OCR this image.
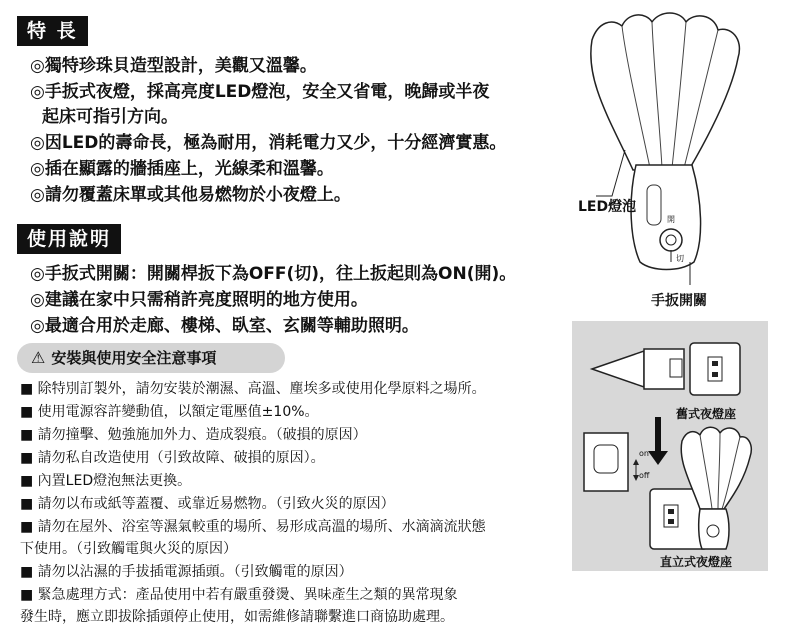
特 長
◎獨特珍珠貝造型設計，美觀又溫馨。
◎手扳式夜燈，採高亮度LED燈泡，安全又省電，晚歸或半夜
起床可指引方向。
◎因LED的壽命長，極為耐用，消耗電力又少，十分經濟實惠。
◎插在顯露的牆插座上，光線柔和溫馨。
◎請勿覆蓋床單或其他易燃物於小夜燈上。
使用說明
◎手扳式開關：開關桿扳下為OFF(切)，往上扳起則為ON(開)。
◎建議在家中只需稍許亮度照明的地方使用。
◎最適合用於走廊、樓梯、臥室、玄關等輔助照明。
⚠ 安裝與使用安全注意事項
■ 除特別訂製外，請勿安裝於潮濕、高溫、塵埃多或使用化學原料之場所。
■ 使用電源容許變動值，以額定電壓值±10%。
■ 請勿撞擊、勉強施加外力、造成裂痕。（破損的原因）
■ 請勿私自改造使用（引致故障、破損的原因）。
■ 內置LED燈泡無法更換。
■ 請勿以布或紙等蓋覆、或靠近易燃物。（引致火災的原因）
■ 請勿在屋外、浴室等濕氣較重的場所、易形成高溫的場所、水滴滴流狀態
下使用。（引致觸電與火災的原因）
■ 請勿以沾濕的手拔插電源插頭。（引致觸電的原因）
■ 緊急處理方式：產品使用中若有嚴重發燙、異味產生之類的異常現象
發生時，應立即拔除插頭停止使用，如需維修請聯繫進口商協助處理。
LED燈泡
開
切
手扳開關
on
off
舊式夜燈座
直立式夜燈座
